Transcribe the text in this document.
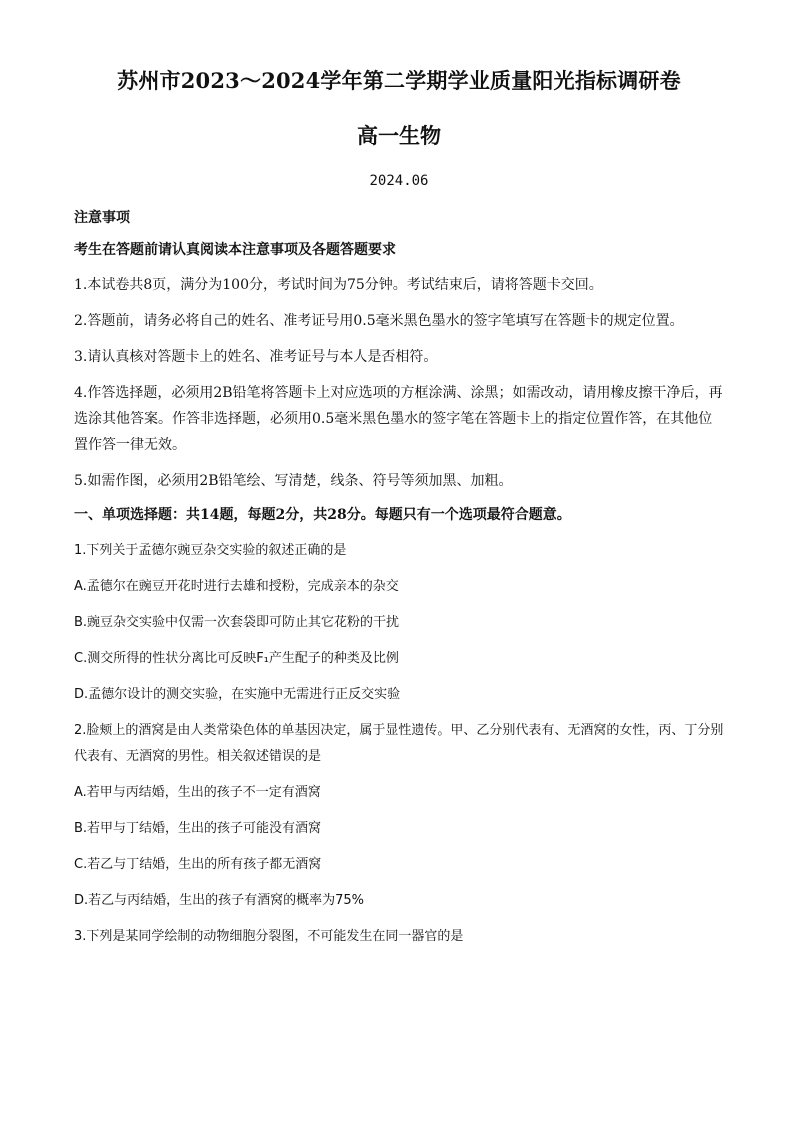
苏州市2023～2024学年第二学期学业质量阳光指标调研卷
高一生物
2024.06
注意事项
考生在答题前请认真阅读本注意事项及各题答题要求

1.本试卷共8页，满分为100分，考试时间为75分钟。考试结束后，请将答题卡交回。

2.答题前，请务必将自己的姓名、准考证号用0.5毫米黑色墨水的签字笔填写在答题卡的规定位置。

3.请认真核对答题卡上的姓名、准考证号与本人是否相符。

4.作答选择题，必须用2B铅笔将答题卡上对应选项的方框涂满、涂黑；如需改动，请用橡皮擦干净后，再选涂其他答案。作答非选择题，必须用0.5毫米黑色墨水的签字笔在答题卡上的指定位置作答，在其他位置作答一律无效。

5.如需作图，必须用2B铅笔绘、写清楚，线条、符号等须加黑、加粗。

一、单项选择题：共14题，每题2分，共28分。每题只有一个选项最符合题意。

1.下列关于孟德尔豌豆杂交实验的叙述正确的是

A.孟德尔在豌豆开花时进行去雄和授粉，完成亲本的杂交

B.豌豆杂交实验中仅需一次套袋即可防止其它花粉的干扰

C.测交所得的性状分离比可反映F₁产生配子的种类及比例

D.孟德尔设计的测交实验，在实施中无需进行正反交实验

2.脸颊上的酒窝是由人类常染色体的单基因决定，属于显性遗传。甲、乙分别代表有、无酒窝的女性，丙、丁分别代表有、无酒窝的男性。相关叙述错误的是

A.若甲与丙结婚，生出的孩子不一定有酒窝

B.若甲与丁结婚，生出的孩子可能没有酒窝

C.若乙与丁结婚，生出的所有孩子都无酒窝

D.若乙与丙结婚，生出的孩子有酒窝的概率为75%

3.下列是某同学绘制的动物细胞分裂图，不可能发生在同一器官的是
